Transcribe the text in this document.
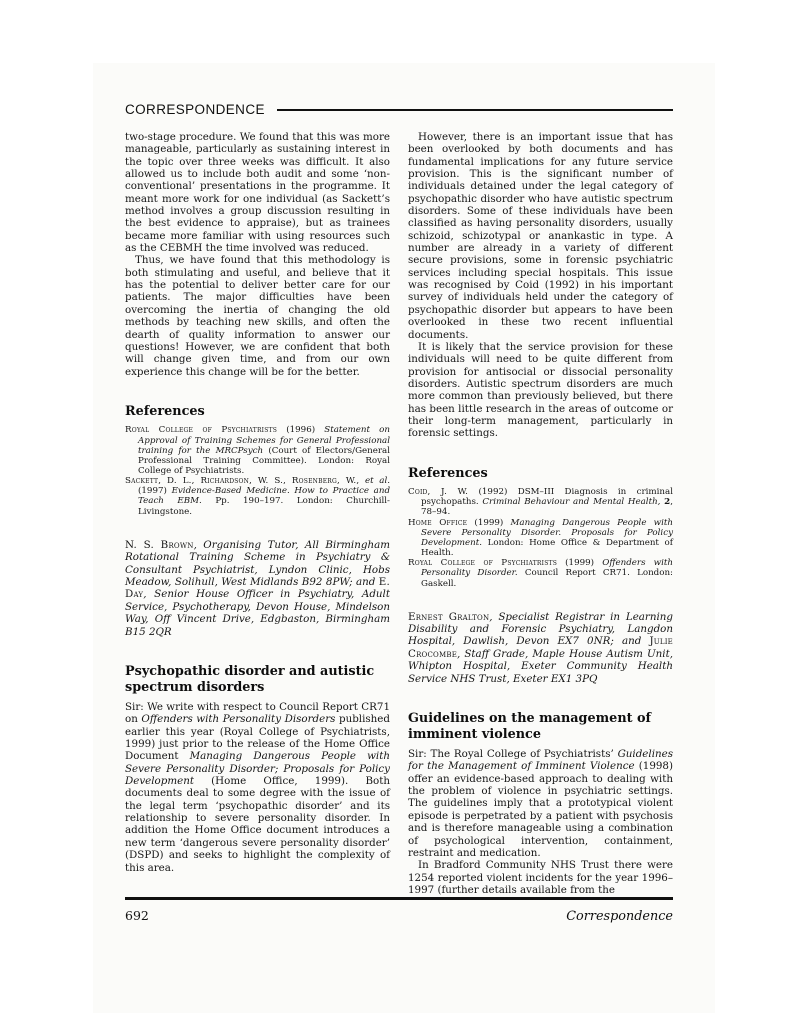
CORRESPONDENCE

two-stage procedure. We found that this was more manageable, particularly as sustaining interest in the topic over three weeks was difficult. It also allowed us to include both audit and some ‘non-conventional’ presentations in the programme. It meant more work for one individual (as Sackett’s method involves a group discussion resulting in the best evidence to appraise), but as trainees became more familiar with using resources such as the CEBMH the time involved was reduced.

Thus, we have found that this methodology is both stimulating and useful, and believe that it has the potential to deliver better care for our patients. The major difficulties have been overcoming the inertia of changing the old methods by teaching new skills, and often the dearth of quality information to answer our questions! However, we are confident that both will change given time, and from our own experience this change will be for the better.

References

Royal College of Psychiatrists (1996) Statement on Approval of Training Schemes for General Professional training for the MRCPsych (Court of Electors/General Professional Training Committee). London: Royal College of Psychiatrists.

Sackett, D. L., Richardson, W. S., Rosenberg, W., et al. (1997) Evidence-Based Medicine. How to Practice and Teach EBM. Pp. 190–197. London: Churchill-Livingstone.

N. S. Brown, Organising Tutor, All Birmingham Rotational Training Scheme in Psychiatry & Consultant Psychiatrist, Lyndon Clinic, Hobs Meadow, Solihull, West Midlands B92 8PW; and E. Day, Senior House Officer in Psychiatry, Adult Service, Psychotherapy, Devon House, Mindelson Way, Off Vincent Drive, Edgbaston, Birmingham B15 2QR

Psychopathic disorder and autistic spectrum disorders

Sir: We write with respect to Council Report CR71 on Offenders with Personality Disorders published earlier this year (Royal College of Psychiatrists, 1999) just prior to the release of the Home Office Document Managing Dangerous People with Severe Personality Disorder; Proposals for Policy Development (Home Office, 1999). Both documents deal to some degree with the issue of the legal term ‘psychopathic disorder’ and its relationship to severe personality disorder. In addition the Home Office document introduces a new term ‘dangerous severe personality disorder’ (DSPD) and seeks to highlight the complexity of this area.

However, there is an important issue that has been overlooked by both documents and has fundamental implications for any future service provision. This is the significant number of individuals detained under the legal category of psychopathic disorder who have autistic spectrum disorders. Some of these individuals have been classified as having personality disorders, usually schizoid, schizotypal or anankastic in type. A number are already in a variety of different secure provisions, some in forensic psychiatric services including special hospitals. This issue was recognised by Coid (1992) in his important survey of individuals held under the category of psychopathic disorder but appears to have been overlooked in these two recent influential documents.

It is likely that the service provision for these individuals will need to be quite different from provision for antisocial or dissocial personality disorders. Autistic spectrum disorders are much more common than previously believed, but there has been little research in the areas of outcome or their long-term management, particularly in forensic settings.

References

Coid, J. W. (1992) DSM–III Diagnosis in criminal psychopaths. Criminal Behaviour and Mental Health, 2, 78–94.

Home Office (1999) Managing Dangerous People with Severe Personality Disorder. Proposals for Policy Development. London: Home Office & Department of Health.

Royal College of Psychiatrists (1999) Offenders with Personality Disorder. Council Report CR71. London: Gaskell.

Ernest Gralton, Specialist Registrar in Learning Disability and Forensic Psychiatry, Langdon Hospital, Dawlish, Devon EX7 0NR; and Julie Crocombe, Staff Grade, Maple House Autism Unit, Whipton Hospital, Exeter Community Health Service NHS Trust, Exeter EX1 3PQ

Guidelines on the management of imminent violence

Sir: The Royal College of Psychiatrists’ Guidelines for the Management of Imminent Violence (1998) offer an evidence-based approach to dealing with the problem of violence in psychiatric settings. The guidelines imply that a prototypical violent episode is perpetrated by a patient with psychosis and is therefore manageable using a combination of psychological intervention, containment, restraint and medication.

In Bradford Community NHS Trust there were 1254 reported violent incidents for the year 1996–1997 (further details available from the

692	Correspondence
